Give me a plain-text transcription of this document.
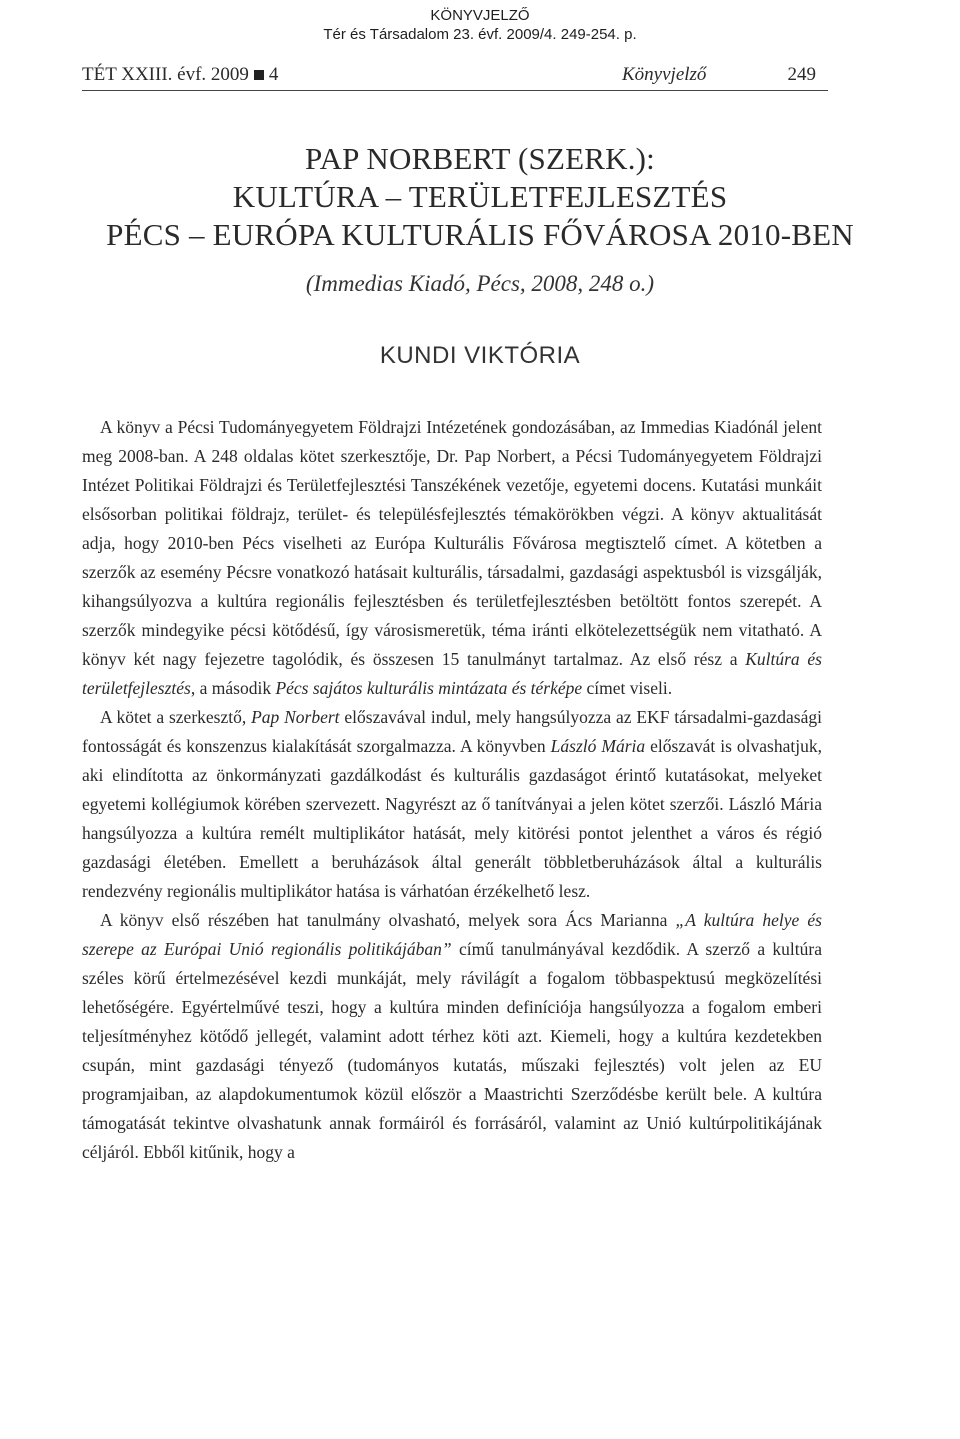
KÖNYVJELZŐ
Tér és Társadalom 23. évf. 2009/4. 249-254. p.
TÉT XXIII. évf. 2009 4	Könyvjelző	249
PAP NORBERT (SZERK.):
KULTÚRA – TERÜLETFEJLESZTÉS
PÉCS – EURÓPA KULTURÁLIS FŐVÁROSA 2010-BEN
(Immedias Kiadó, Pécs, 2008, 248 o.)
KUNDI VIKTÓRIA

A könyv a Pécsi Tudományegyetem Földrajzi Intézetének gondozásában, az Immedias Kiadónál jelent meg 2008-ban. A 248 oldalas kötet szerkesztője, Dr. Pap Norbert, a Pécsi Tudományegyetem Földrajzi Intézet Politikai Földrajzi és Területfejlesztési Tanszékének vezetője, egyetemi docens. Kutatási munkáit elsősorban politikai földrajz, terület- és településfejlesztés témakörökben végzi. A könyv aktualitását adja, hogy 2010-ben Pécs viselheti az Európa Kulturális Fővárosa megtisztelő címet. A kötetben a szerzők az esemény Pécsre vonatkozó hatásait kulturális, társadalmi, gazdasági aspektusból is vizsgálják, kihangsúlyozva a kultúra regionális fejlesztésben és területfejlesztésben betöltött fontos szerepét. A szerzők mindegyike pécsi kötődésű, így városismeretük, téma iránti elkötelezettségük nem vitatható. A könyv két nagy fejezetre tagolódik, és összesen 15 tanulmányt tartalmaz. Az első rész a Kultúra és területfejlesztés, a második Pécs sajátos kulturális mintázata és térképe címet viseli.

A kötet a szerkesztő, Pap Norbert előszavával indul, mely hangsúlyozza az EKF társadalmi-gazdasági fontosságát és konszenzus kialakítását szorgalmazza. A könyvben László Mária előszavát is olvashatjuk, aki elindította az önkormányzati gazdálkodást és kulturális gazdaságot érintő kutatásokat, melyeket egyetemi kollégiumok körében szervezett. Nagyrészt az ő tanítványai a jelen kötet szerzői. László Mária hangsúlyozza a kultúra remélt multiplikátor hatását, mely kitörési pontot jelenthet a város és régió gazdasági életében. Emellett a beruházások által generált többletberuházások által a kulturális rendezvény regionális multiplikátor hatása is várhatóan érzékelhető lesz.

A könyv első részében hat tanulmány olvasható, melyek sora Ács Marianna „A kultúra helye és szerepe az Európai Unió regionális politikájában” című tanulmányával kezdődik. A szerző a kultúra széles körű értelmezésével kezdi munkáját, mely rávilágít a fogalom többaspektusú megközelítési lehetőségére. Egyértelművé teszi, hogy a kultúra minden definíciója hangsúlyozza a fogalom emberi teljesítményhez kötődő jellegét, valamint adott térhez köti azt. Kiemeli, hogy a kultúra kezdetekben csupán, mint gazdasági tényező (tudományos kutatás, műszaki fejlesztés) volt jelen az EU programjaiban, az alapdokumentumok közül először a Maastrichti Szerződésbe került bele. A kultúra támogatását tekintve olvashatunk annak formáiról és forrásáról, valamint az Unió kultúrpolitikájának céljáról. Ebből kitűnik, hogy a
